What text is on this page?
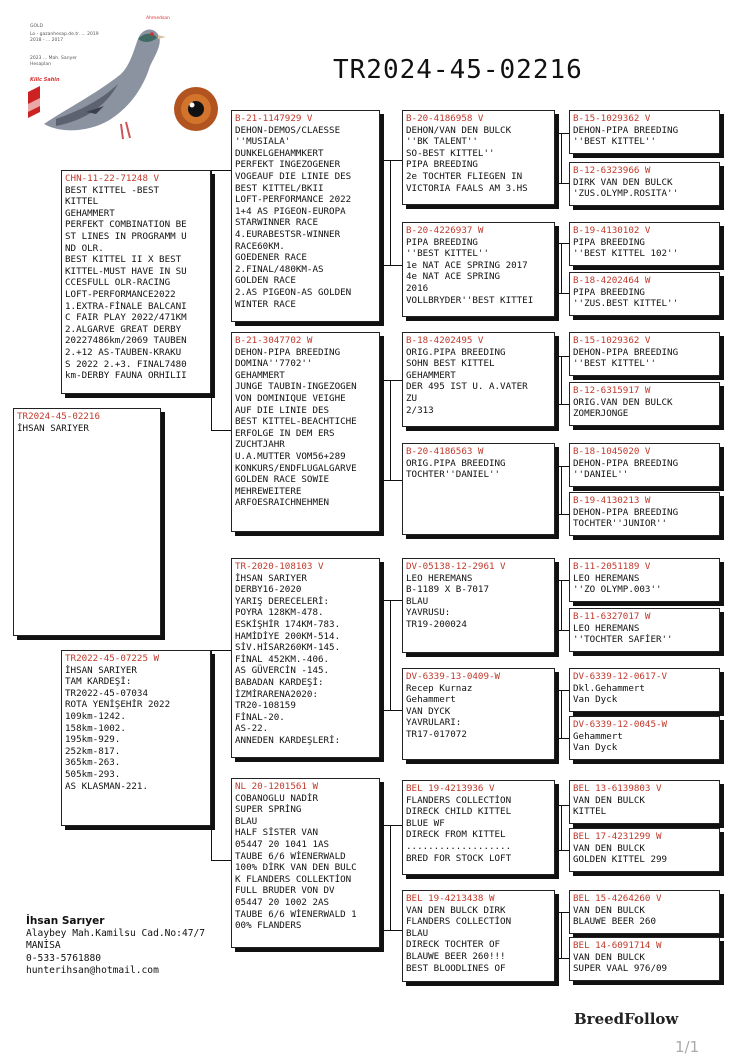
Ahmedsan
GOLD
Lo - gazanhesap.de.tr. ... 2019
2018 - ... 2017
2023 ... Mah. Sarıyer
Hesapları
Kilic Sahin	TR2024-45-02216
TR2024-45-02216
İHSAN SARIYER
CHN-11-22-71248 V
BEST KITTEL -BEST
KITTEL
GEHAMMERT
PERFEKT COMBINATION BE
ST LINES IN PROGRAMM U
ND OLR.
BEST KITTEL II X BEST
KITTEL-MUST HAVE IN SU
CCESFULL OLR-RACING
LOFT-PERFORMANCE2022
1.EXTRA-FİNALE BALCANI
C FAIR PLAY 2022/471KM
2.ALGARVE GREAT DERBY
20227486km/2069 TAUBEN
2.+12 AS-TAUBEN-KRAKU
S 2022 2.+3. FINAL7480
km-DERBY FAUNA ORHILII
TR2022-45-07225 W
İHSAN SARIYER
TAM KARDEŞİ:
TR2022-45-07034
ROTA YENİŞEHİR 2022
109km-1242.
158km-1002.
195km-929.
252km-817.
365km-263.
505km-293.
AS KLASMAN-221.
B-21-1147929 V
DEHON-DEMOS/CLAESSE
''MUSIALA'
DUNKELGEHAMMKERT
PERFEKT INGEZOGENER
VOGEAUF DIE LINIE DES
BEST KITTEL/BKII
LOFT-PERFORMANCE 2022
1+4 AS PIGEON-EUROPA
STARWINNER RACE
4.EURABESTSR-WINNER
RACE60KM.
GOEDENER RACE
2.FINAL/480KM-AS
GOLDEN RACE
2.AS PIGEON-AS GOLDEN
WINTER RACE
B-21-3047702 W
DEHON-PIPA BREEDING
DOMINA''7702''
GEHAMMERT
JUNGE TAUBIN-INGEZOGEN
VON DOMINIQUE VEIGHE
AUF DIE LINIE DES
BEST KITTEL-BEACHTICHE
ERFOLGE IN DEM ERS
ZUCHTJAHR
U.A.MUTTER VOM56+289
KONKURS/ENDFLUGALGARVE
GOLDEN RACE SOWIE
MEHREWEITERE
ARFOESRAICHNEHMEN
TR-2020-108103 V
İHSAN SARIYER
DERBY16-2020
YARIŞ DERECELERİ:
POYRA 128KM-478.
ESKİŞHİR 174KM-783.
HAMİDİYE 200KM-514.
SİV.HİSAR260KM-145.
FİNAL 452KM.-406.
AS GÜVERCİN -145.
BABADAN KARDEŞİ:
İZMİRARENA2020:
TR20-108159
FİNAL-20.
AS-22.
ANNEDEN KARDEŞLERİ:
NL 20-1201561 W
COBANOGLU NADİR
SUPER SPRİNG
BLAU
HALF SİSTER VAN
05447 20 1041 1AS
TAUBE 6/6 WİENERWALD
100% DİRK VAN DEN BULC
K FLANDERS COLLEKTİON
FULL BRUDER VON DV
05447 20 1002 2AS
TAUBE 6/6 WİENERWALD 1
00% FLANDERS
B-20-4186958 V
DEHON/VAN DEN BULCK
''BK TALENT''
SO-BEST KITTEL''
PIPA BREEDING
2e TOCHTER FLIEGEN IN
VICTORIA FAALS AM 3.HS
B-20-4226937 W
PIPA BREEDING
''BEST KITTEL''
1e NAT ACE SPRING 2017
4e NAT ACE SPRING
2016
VOLLBRYDER''BEST KITTEI
B-18-4202495 V
ORIG.PIPA BREEDING
SOHN BEST KITTEL
GEHAMMERT
DER 495 IST U. A.VATER
ZU
2/313
B-20-4186563 W
ORIG.PIPA BREEDING
TOCHTER''DANIEL''
DV-05138-12-2961 V
LEO HEREMANS
B-1189 X B-7017
BLAU
YAVRUSU:
TR19-200024
DV-6339-13-0409-W
Recep Kurnaz
Gehammert
VAN DYCK
YAVRULARI:
TR17-017072
BEL 19-4213936 V
FLANDERS COLLECTİON
DIRECK CHILD KITTEL
BLUE WF
DIRECK FROM KITTEL
...................
BRED FOR STOCK LOFT
BEL 19-4213438 W
VAN DEN BULCK DIRK
FLANDERS COLLECTİON
BLAU
DIRECK TOCHTER OF
BLAUWE BEER 260!!!
BEST BLOODLINES OF
B-15-1029362 V
DEHON-PIPA BREEDING
''BEST KITTEL''
B-12-6323966 W
DIRK VAN DEN BULCK
'ZUS.OLYMP.ROSITA''
B-19-4130102 V
PIPA BREEDING
''BEST KITTEL 102''
B-18-4202464 W
PIPA BREEDING
''ZUS.BEST KITTEL''
B-15-1029362 V
DEHON-PIPA BREEDING
''BEST KITTEL''
B-12-6315917 W
ORIG.VAN DEN BULCK
ZOMERJONGE
B-18-1045020 V
DEHON-PIPA BREEDING
''DANIEL''
B-19-4130213 W
DEHON-PIPA BREEDING
TOCHTER''JUNIOR''
B-11-2051189 V
LEO HEREMANS
''ZO OLYMP.003''
B-11-6327017 W
LEO HEREMANS
''TOCHTER SAFİER''
DV-6339-12-0617-V
Dkl.Gehammert
Van Dyck
DV-6339-12-0045-W
Gehammert
Van Dyck
BEL 13-6139803 V
VAN DEN BULCK
KITTEL
BEL 17-4231299 W
VAN DEN BULCK
GOLDEN KITTEL 299
BEL 15-4264260 V
VAN DEN BULCK
BLAUWE BEER 260
BEL 14-6091714 W
VAN DEN BULCK
SUPER VAAL 976/09
İhsan Sarıyer
Alaybey Mah.Kamilsu Cad.No:47/7
MANİSA
0-533-5761880
hunterihsan@hotmail.com
BreedFollow
1/1
